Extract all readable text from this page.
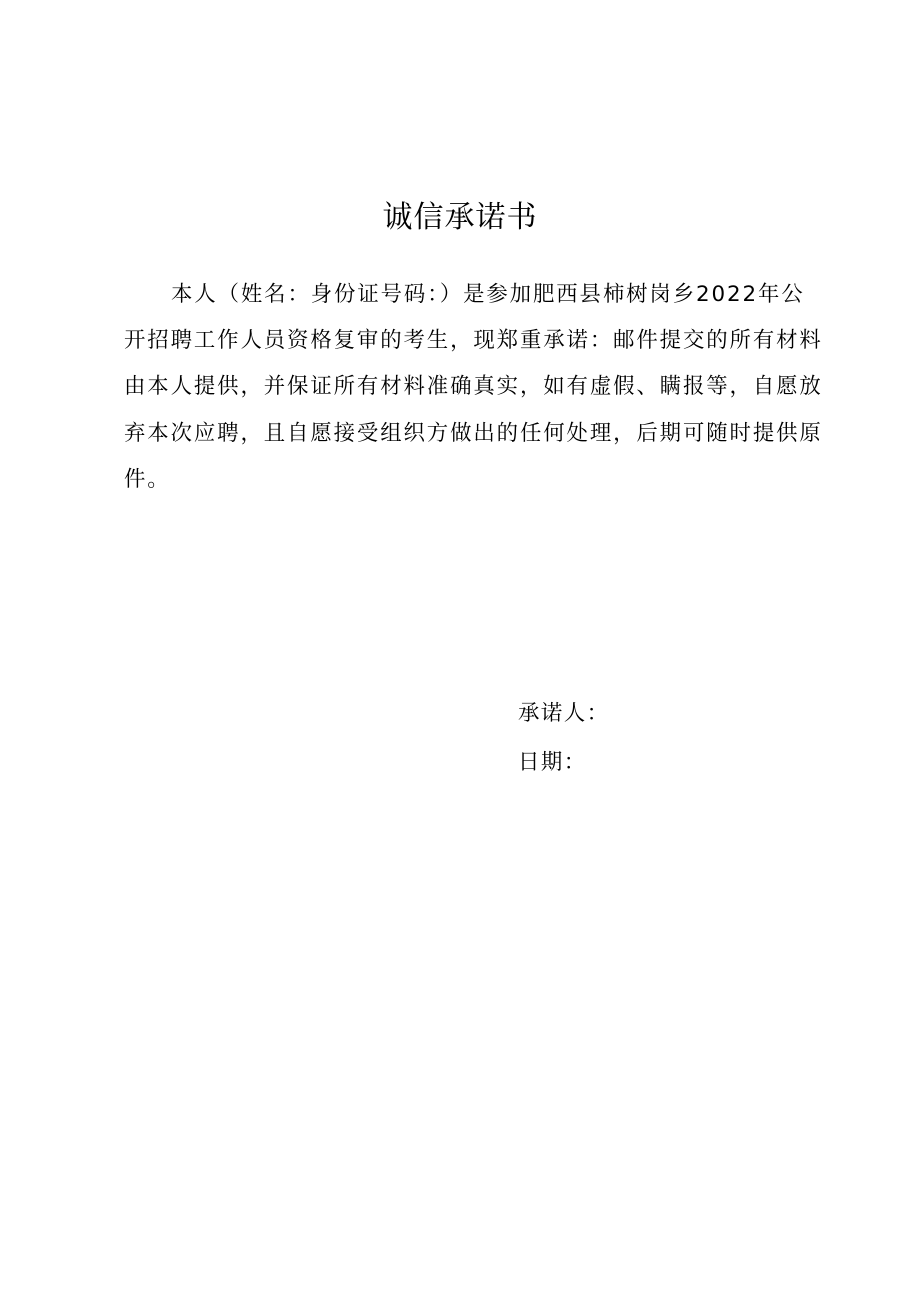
诚信承诺书
本人（姓名：身份证号码：）是参加肥西县柿树岗乡2022年公
开招聘工作人员资格复审的考生，现郑重承诺：邮件提交的所有材料
由本人提供，并保证所有材料准确真实，如有虚假、瞒报等，自愿放
弃本次应聘，且自愿接受组织方做出的任何处理，后期可随时提供原
件。
承诺人：
日期：
